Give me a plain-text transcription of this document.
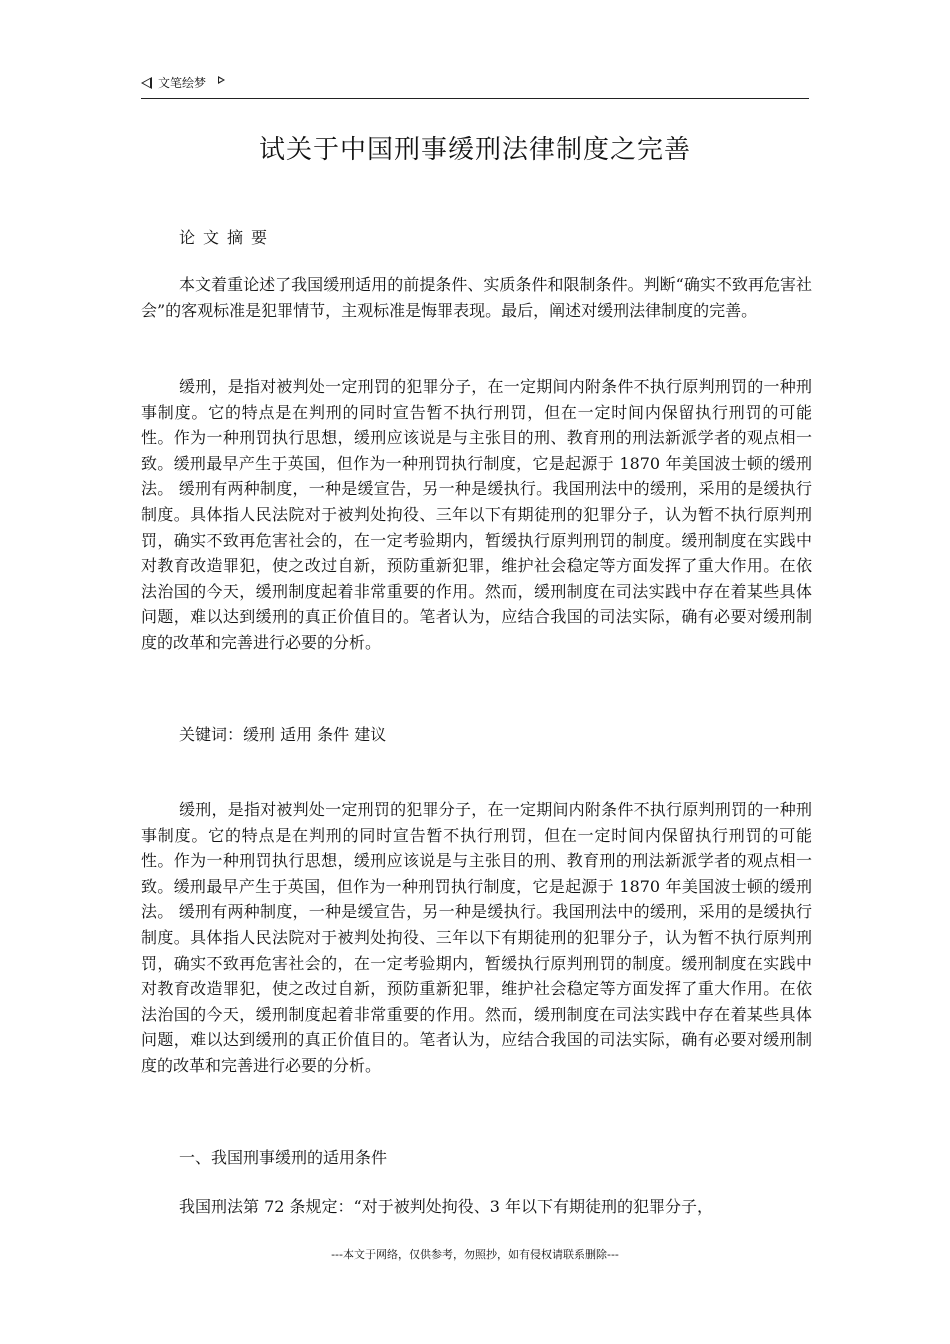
文笔绘梦
试关于中国刑事缓刑法律制度之完善
论文摘要
本文着重论述了我国缓刑适用的前提条件、实质条件和限制条件。判断“确实不致再危害社会”的客观标准是犯罪情节，主观标准是悔罪表现。最后，阐述对缓刑法律制度的完善。
缓刑，是指对被判处一定刑罚的犯罪分子，在一定期间内附条件不执行原判刑罚的一种刑事制度。它的特点是在判刑的同时宣告暂不执行刑罚，但在一定时间内保留执行刑罚的可能性。作为一种刑罚执行思想，缓刑应该说是与主张目的刑、教育刑的刑法新派学者的观点相一致。缓刑最早产生于英国，但作为一种刑罚执行制度，它是起源于 1870 年美国波士顿的缓刑法。 缓刑有两种制度，一种是缓宣告，另一种是缓执行。我国刑法中的缓刑，采用的是缓执行制度。具体指人民法院对于被判处拘役、三年以下有期徒刑的犯罪分子，认为暂不执行原判刑罚，确实不致再危害社会的，在一定考验期内，暂缓执行原判刑罚的制度。缓刑制度在实践中对教育改造罪犯，使之改过自新，预防重新犯罪，维护社会稳定等方面发挥了重大作用。在依法治国的今天，缓刑制度起着非常重要的作用。然而，缓刑制度在司法实践中存在着某些具体问题，难以达到缓刑的真正价值目的。笔者认为，应结合我国的司法实际，确有必要对缓刑制度的改革和完善进行必要的分析。
关键词：缓刑 适用 条件 建议
缓刑，是指对被判处一定刑罚的犯罪分子，在一定期间内附条件不执行原判刑罚的一种刑事制度。它的特点是在判刑的同时宣告暂不执行刑罚，但在一定时间内保留执行刑罚的可能性。作为一种刑罚执行思想，缓刑应该说是与主张目的刑、教育刑的刑法新派学者的观点相一致。缓刑最早产生于英国，但作为一种刑罚执行制度，它是起源于 1870 年美国波士顿的缓刑法。 缓刑有两种制度，一种是缓宣告，另一种是缓执行。我国刑法中的缓刑，采用的是缓执行制度。具体指人民法院对于被判处拘役、三年以下有期徒刑的犯罪分子，认为暂不执行原判刑罚，确实不致再危害社会的，在一定考验期内，暂缓执行原判刑罚的制度。缓刑制度在实践中对教育改造罪犯，使之改过自新，预防重新犯罪，维护社会稳定等方面发挥了重大作用。在依法治国的今天，缓刑制度起着非常重要的作用。然而，缓刑制度在司法实践中存在着某些具体问题，难以达到缓刑的真正价值目的。笔者认为，应结合我国的司法实际，确有必要对缓刑制度的改革和完善进行必要的分析。
一、我国刑事缓刑的适用条件
我国刑法第 72 条规定：“对于被判处拘役、3 年以下有期徒刑的犯罪分子，
---本文于网络，仅供参考，勿照抄，如有侵权请联系删除---
